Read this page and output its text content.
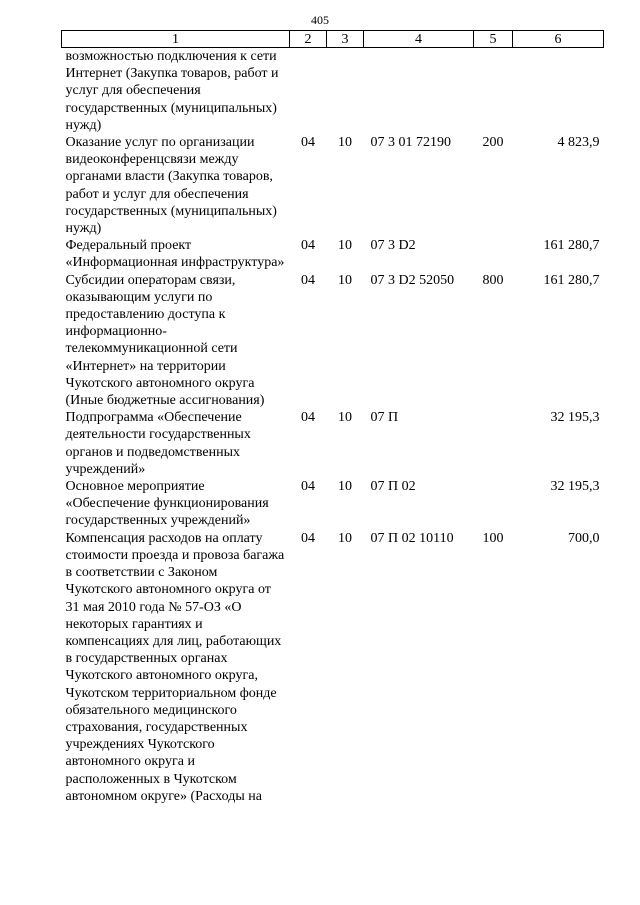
405
1	2	3	4	5	6
возможностью подключения к сети Интернет (Закупка товаров, работ и услуг для обеспечения государственных (муниципальных) нужд)					
Оказание услуг по организации видеоконференцсвязи между органами власти (Закупка товаров, работ и услуг для обеспечения государственных (муниципальных) нужд)	04	10	07 3 01 72190	200	4 823,9
Федеральный проект «Информационная инфраструктура»	04	10	07 3 D2		161 280,7
Субсидии операторам связи, оказывающим услуги по предоставлению доступа к информационно-телекоммуникационной сети «Интернет» на территории Чукотского автономного округа (Иные бюджетные ассигнования)	04	10	07 3 D2 52050	800	161 280,7
Подпрограмма «Обеспечение деятельности государственных органов и подведомственных учреждений»	04	10	07 П		32 195,3
Основное мероприятие «Обеспечение функционирования государственных учреждений»	04	10	07 П 02		32 195,3
Компенсация расходов на оплату стоимости проезда и провоза багажа в соответствии с Законом Чукотского автономного округа от 31 мая 2010 года № 57-ОЗ «О некоторых гарантиях и компенсациях для лиц, работающих в государственных органах Чукотского автономного округа, Чукотском территориальном фонде обязательного медицинского страхования, государственных учреждениях Чукотского автономного округа и расположенных в Чукотском автономном округе» (Расходы на	04	10	07 П 02 10110	100	700,0
